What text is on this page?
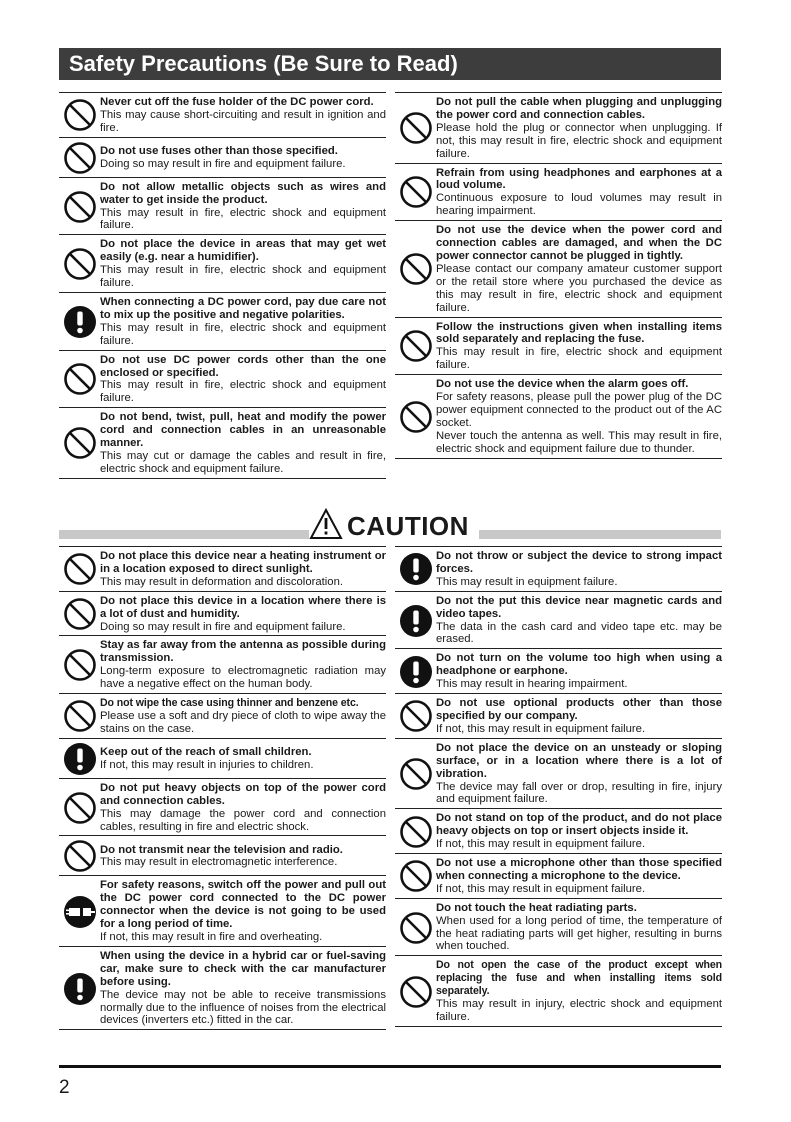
Safety Precautions (Be Sure to Read)
Never cut off the fuse holder of the DC power cord.
This may cause short-circuiting and result in ignition and fire.
Do not use fuses other than those specified.
Doing so may result in fire and equipment failure.
Do not allow metallic objects such as wires and water to get inside the product.
This may result in fire, electric shock and equipment failure.
Do not place the device in areas that may get wet easily (e.g. near a humidifier).
This may result in fire, electric shock and equipment failure.
When connecting a DC power cord, pay due care not to mix up the positive and negative polarities.
This may result in fire, electric shock and equipment failure.
Do not use DC power cords other than the one enclosed or specified.
This may result in fire, electric shock and equipment failure.
Do not bend, twist, pull, heat and modify the power cord and connection cables in an unreasonable manner.
This may cut or damage the cables and result in fire, electric shock and equipment failure.
Do not pull the cable when plugging and unplugging the power cord and connection cables.
Please hold the plug or connector when unplugging. If not, this may result in fire, electric shock and equipment failure.
Refrain from using headphones and earphones at a loud volume.
Continuous exposure to loud volumes may result in hearing impairment.
Do not use the device when the power cord and connection cables are damaged, and when the DC power connector cannot be plugged in tightly.
Please contact our company amateur customer support or the retail store where you purchased the device as this may result in fire, electric shock and equipment failure.
Follow the instructions given when installing items sold separately and replacing the fuse.
This may result in fire, electric shock and equipment failure.
Do not use the device when the alarm goes off.
For safety reasons, please pull the power plug of the DC power equipment connected to the product out of the AC socket.
Never touch the antenna as well. This may result in fire, electric shock and equipment failure due to thunder.
CAUTION
Do not place this device near a heating instrument or in a location exposed to direct sunlight.
This may result in deformation and discoloration.
Do not place this device in a location where there is a lot of dust and humidity.
Doing so may result in fire and equipment failure.
Stay as far away from the antenna as possible during transmission.
Long-term exposure to electromagnetic radiation may have a negative effect on the human body.
Do not wipe the case using thinner and benzene etc.
Please use a soft and dry piece of cloth to wipe away the stains on the case.
Keep out of the reach of small children.
If not, this may result in injuries to children.
Do not put heavy objects on top of the power cord and connection cables.
This may damage the power cord and connection cables, resulting in fire and electric shock.
Do not transmit near the television and radio.
This may result in electromagnetic interference.
For safety reasons, switch off the power and pull out the DC power cord connected to the DC power connector when the device is not going to be used for a long period of time.
If not, this may result in fire and overheating.
When using the device in a hybrid car or fuel-saving car, make sure to check with the car manufacturer before using.
The device may not be able to receive transmissions normally due to the influence of noises from the electrical devices (inverters etc.) fitted in the car.
Do not throw or subject the device to strong impact forces.
This may result in equipment failure.
Do not the put this device near magnetic cards and video tapes.
The data in the cash card and video tape etc. may be erased.
Do not turn on the volume too high when using a headphone or earphone.
This may result in hearing impairment.
Do not use optional products other than those specified by our company.
If not, this may result in equipment failure.
Do not place the device on an unsteady or sloping surface, or in a location where there is a lot of vibration.
The device may fall over or drop, resulting in fire, injury and equipment failure.
Do not stand on top of the product, and do not place heavy objects on top or insert objects inside it.
If not, this may result in equipment failure.
Do not use a microphone other than those specified when connecting a microphone to the device.
If not, this may result in equipment failure.
Do not touch the heat radiating parts.
When used for a long period of time, the temperature of the heat radiating parts will get higher, resulting in burns when touched.
Do not open the case of the product except when replacing the fuse and when installing items sold separately.
This may result in injury, electric shock and equipment failure.
2
